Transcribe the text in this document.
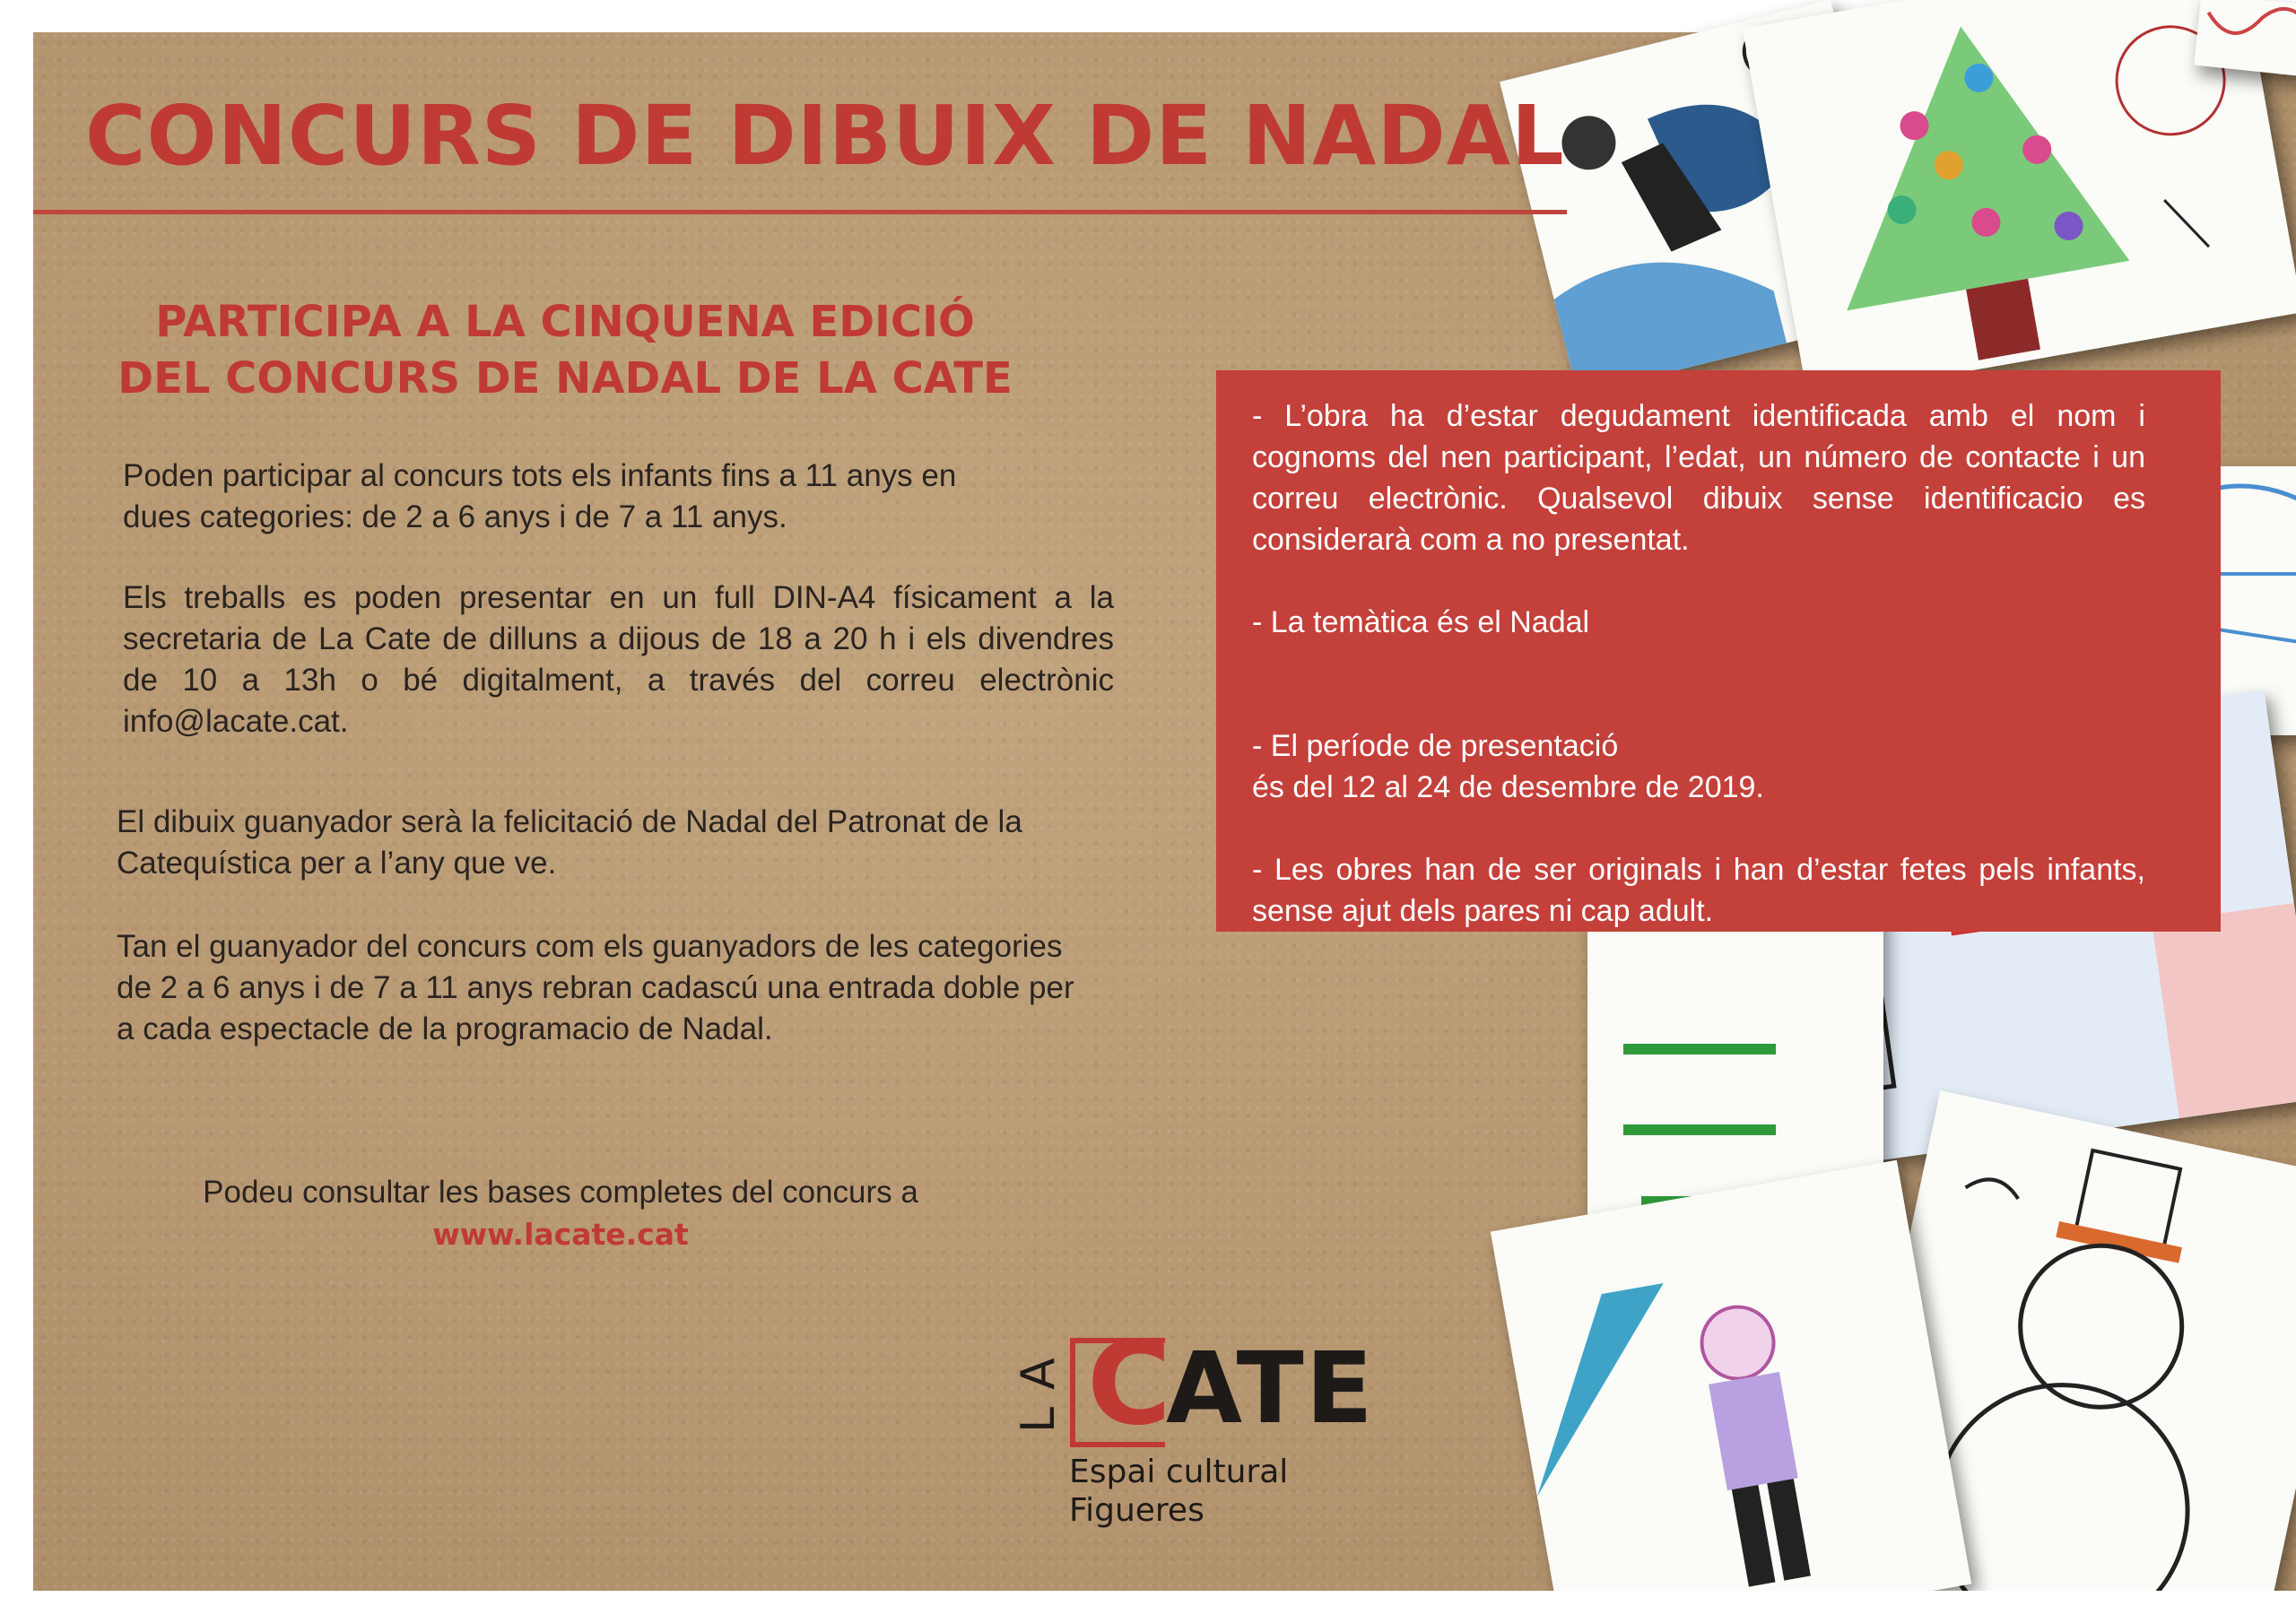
CONCURS DE DIBUIX DE NADAL
PARTICIPA A LA CINQUENA EDICIÓ
DEL CONCURS DE NADAL DE LA CATE

Poden participar al concurs tots els infants fins a 11 anys en dues categories: de 2 a 6 anys i de 7 a 11 anys.

Els treballs es poden presentar en un full DIN-A4 físicament a la secretaria de La Cate de dilluns a dijous de 18 a 20 h i els divendres de 10 a 13h o bé digitalment, a través del correu electrònic info@lacate.cat.

El dibuix guanyador serà la felicitació de Nadal del Patronat de la Catequística per a l’any que ve.

Tan el guanyador del concurs com els guanyadors de les categories de 2 a 6 anys i de 7 a 11 anys rebran cadascú una entrada doble per a cada espectacle de la programacio de Nadal.

Podeu consultar les bases completes del concurs a
www.lacate.cat

- L’obra ha d’estar degudament identificada amb el nom i cognoms del nen participant, l’edat, un número de contacte i un correu electrònic. Qualsevol dibuix sense identificacio es considerarà com a no presentat.

- La temàtica és el Nadal

- El període de presentació
és del 12 al 24 de desembre de 2019.

- Les obres han de ser originals i han d’estar fetes pels infants, sense ajut dels pares ni cap adult.

LA C
ATE
Espai cultural
Figueres
